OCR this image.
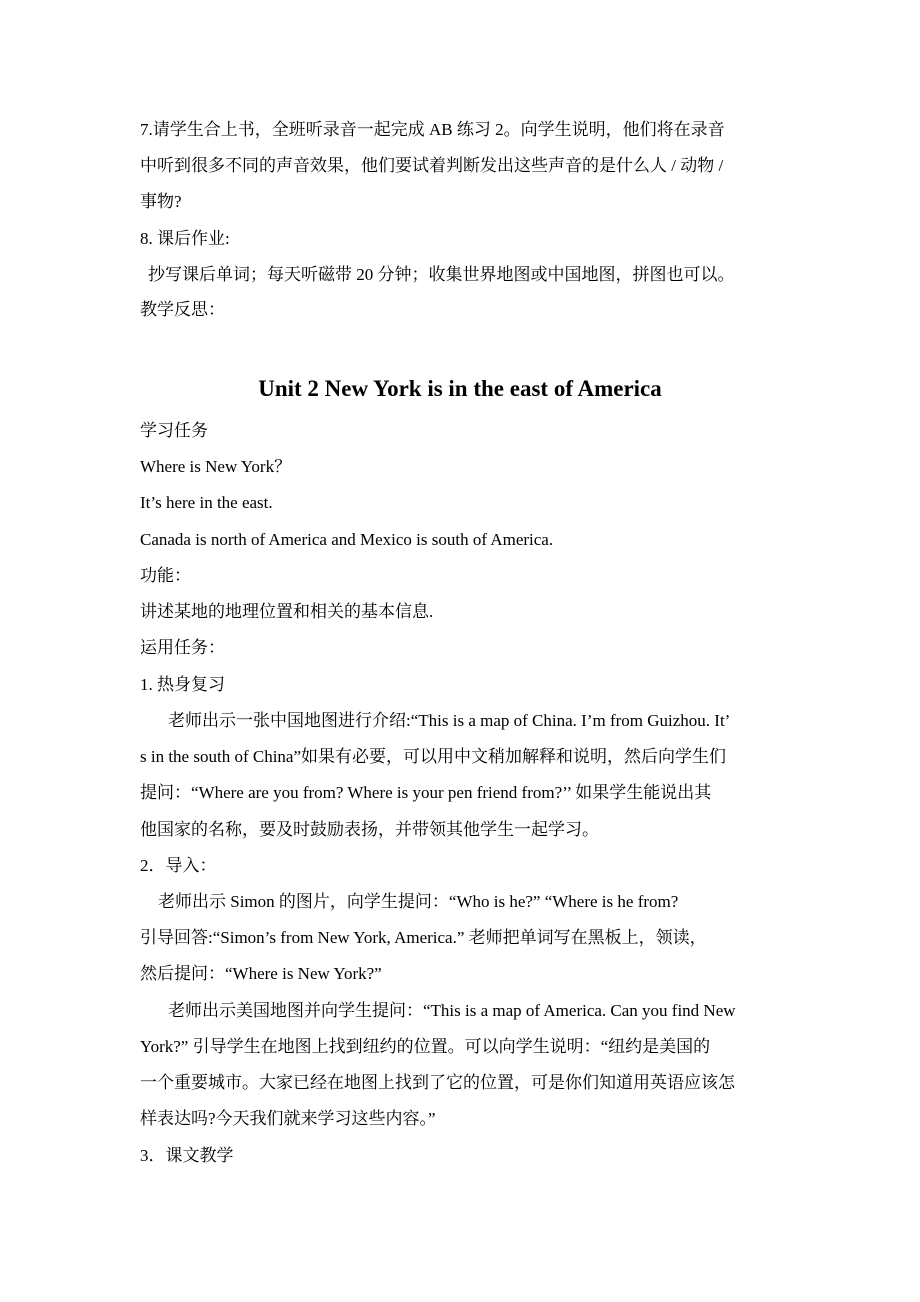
7.请学生合上书，全班听录音一起完成 AB 练习 2。向学生说明，他们将在录音
中听到很多不同的声音效果，他们要试着判断发出这些声音的是什么人 / 动物 /
事物?
8. 课后作业:
抄写课后单词；每天听磁带 20 分钟；收集世界地图或中国地图，拼图也可以。
教学反思：
Unit 2 New York is in the east of America
学习任务
Where is New York？
It’s here in the east.
Canada is north of America and Mexico is south of America.
功能：
讲述某地的地理位置和相关的基本信息.
运用任务：
1. 热身复习
老师出示一张中国地图进行介绍:“This is a map of China. I’m from Guizhou. It’
s in the south of China”如果有必要，可以用中文稍加解释和说明，然后向学生们
提问：“Where are you from? Where is your pen friend from?’’ 如果学生能说出其
他国家的名称，要及时鼓励表扬，并带领其他学生一起学习。
2．导入：
老师出示 Simon 的图片，向学生提问：“Who is he?” “Where is he from?
引导回答:“Simon’s from New York, America.” 老师把单词写在黑板上，领读，
然后提问：“Where is New York?”
老师出示美国地图并向学生提问：“This is a map of America. Can you find New
York?” 引导学生在地图上找到纽约的位置。可以向学生说明：“纽约是美国的
一个重要城市。大家已经在地图上找到了它的位置，可是你们知道用英语应该怎
样表达吗?今天我们就来学习这些内容。”
3．课文教学
